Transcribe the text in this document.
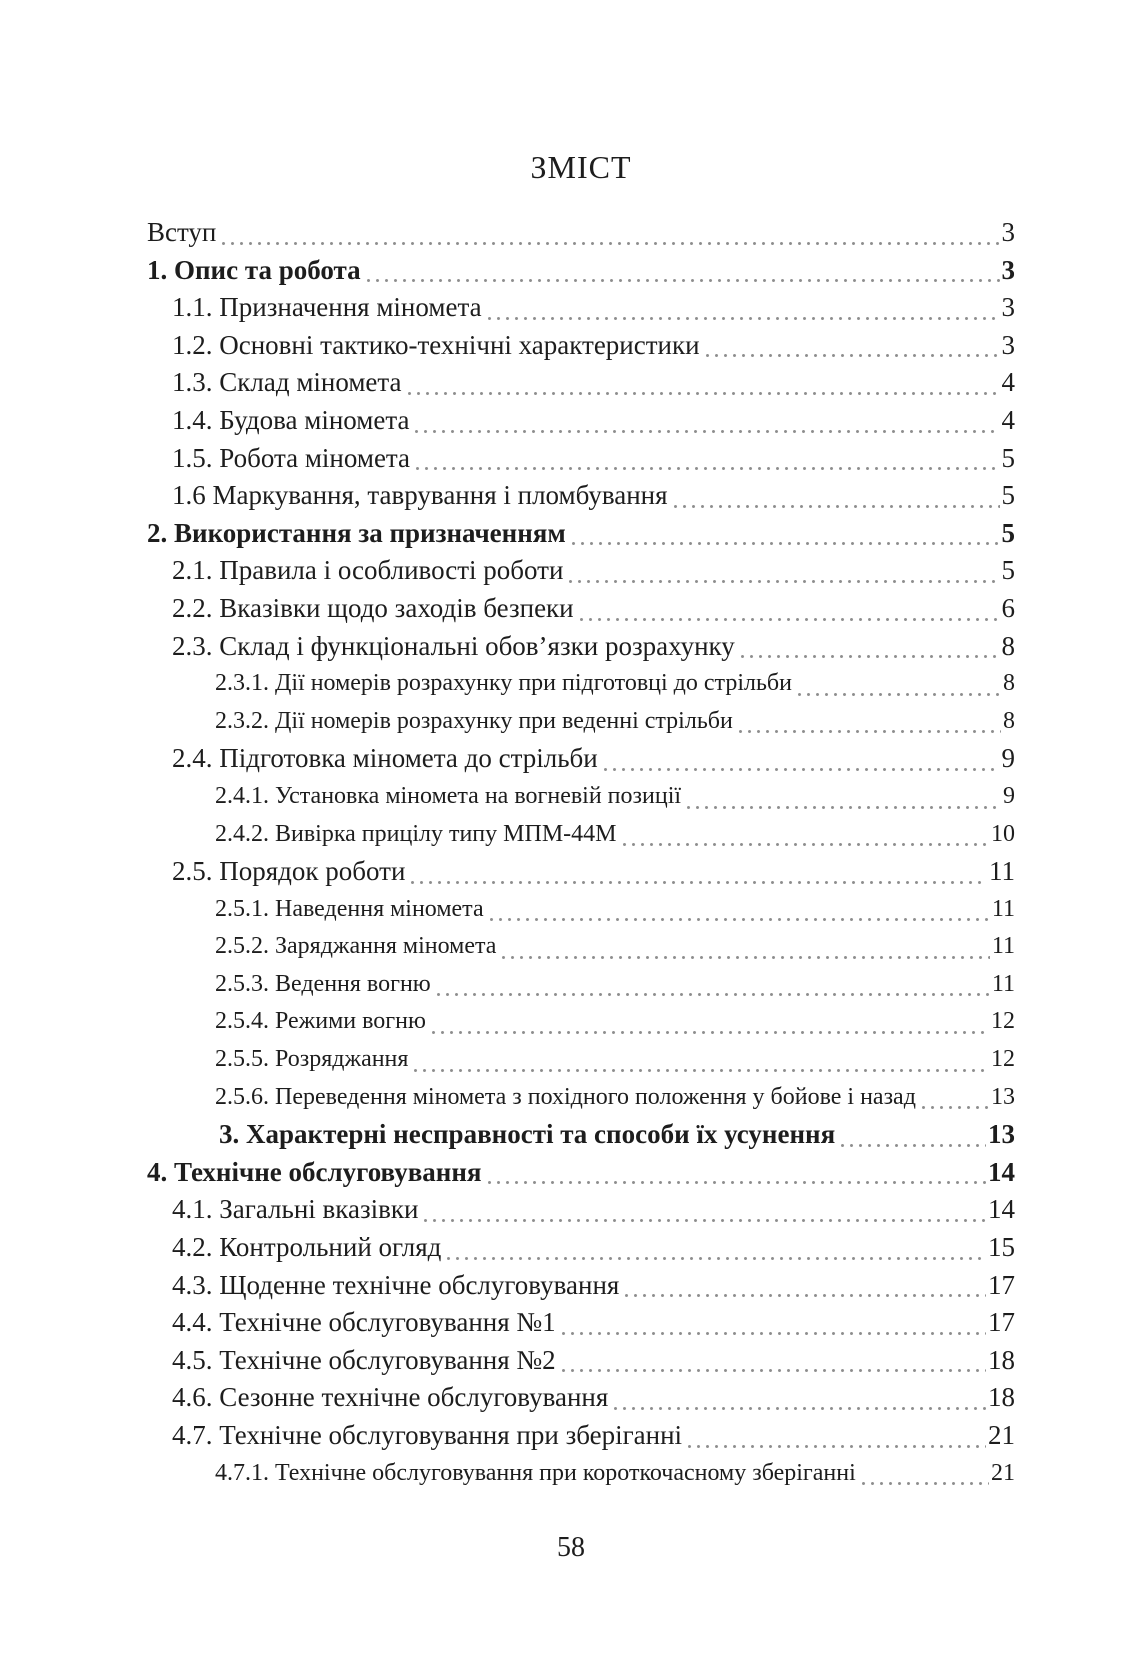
ЗМІСТ
Вступ	3
1. Опис та робота	3
1.1. Призначення міномета	3
1.2. Основні тактико-технічні характеристики	3
1.3. Склад міномета	4
1.4. Будова міномета	4
1.5. Робота міномета	5
1.6 Маркування, таврування і пломбування	5
2. Використання за призначенням	5
2.1. Правила і особливості роботи	5
2.2. Вказівки щодо заходів безпеки	6
2.3. Склад і функціональні обов’язки розрахунку	8
2.3.1. Дії номерів розрахунку при підготовці до стрільби	8
2.3.2. Дії номерів розрахунку при веденні стрільби	8
2.4. Підготовка міномета до стрільби	9
2.4.1. Установка міномета на вогневій позиції	9
2.4.2. Вивірка прицілу типу МПМ-44М	10
2.5. Порядок роботи	11
2.5.1. Наведення міномета	11
2.5.2. Заряджання міномета	11
2.5.3. Ведення вогню	11
2.5.4. Режими вогню	12
2.5.5. Розряджання	12
2.5.6. Переведення міномета з похідного положення у бойове і назад	13
3. Характерні несправності та способи їх усунення	13
4. Технічне обслуговування	14
4.1. Загальні вказівки	14
4.2. Контрольний огляд	15
4.3. Щоденне технічне обслуговування	17
4.4. Технічне обслуговування №1	17
4.5. Технічне обслуговування №2	18
4.6. Сезонне технічне обслуговування	18
4.7. Технічне обслуговування при зберіганні	21
4.7.1. Технічне обслуговування при короткочасному зберіганні	21
58
